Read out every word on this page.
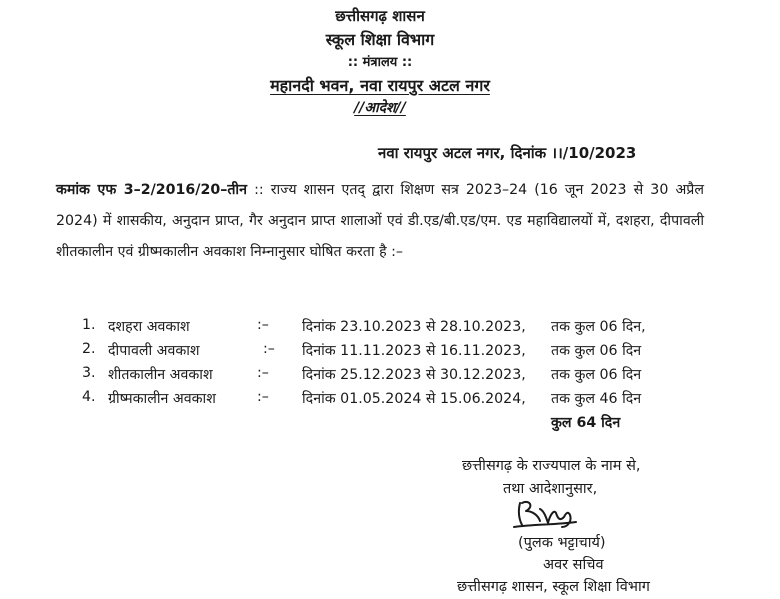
छत्तीसगढ़ शासन
स्कूल शिक्षा विभाग
:: मंत्रालय ::
महानदी भवन, नवा रायपुर अटल नगर
//आदेश//
नवा रायपुर अटल नगर, दिनांक ।।/10/2023

कमांक एफ 3–2/2016/20–तीन :: राज्य शासन एतद् द्वारा शिक्षण सत्र 2023–24 (16 जून 2023 से 30 अप्रैल 2024) में शासकीय, अनुदान प्राप्त, गैर अनुदान प्राप्त शालाओं एवं डी.एड/बी.एड/एम. एड महाविद्यालयों में, दशहरा, दीपावली शीतकालीन एवं ग्रीष्मकालीन अवकाश निम्नानुसार घोषित करता है :–

1. दशहरा अवकाश	:– दिनांक 23.10.2023 से 28.10.2023, तक कुल 06 दिन,
2. दीपावली अवकाश	:– दिनांक 11.11.2023 से 16.11.2023, तक कुल 06 दिन
3. शीतकालीन अवकाश	:– दिनांक 25.12.2023 से 30.12.2023, तक कुल 06 दिन
4. ग्रीष्मकालीन अवकाश	:– दिनांक 01.05.2024 से 15.06.2024, तक कुल 46 दिन
कुल 64 दिन
छत्तीसगढ़ के राज्यपाल के नाम से,
तथा आदेशानुसार,
(पुलक भट्टाचार्य)
अवर सचिव
छत्तीसगढ़ शासन, स्कूल शिक्षा विभाग
